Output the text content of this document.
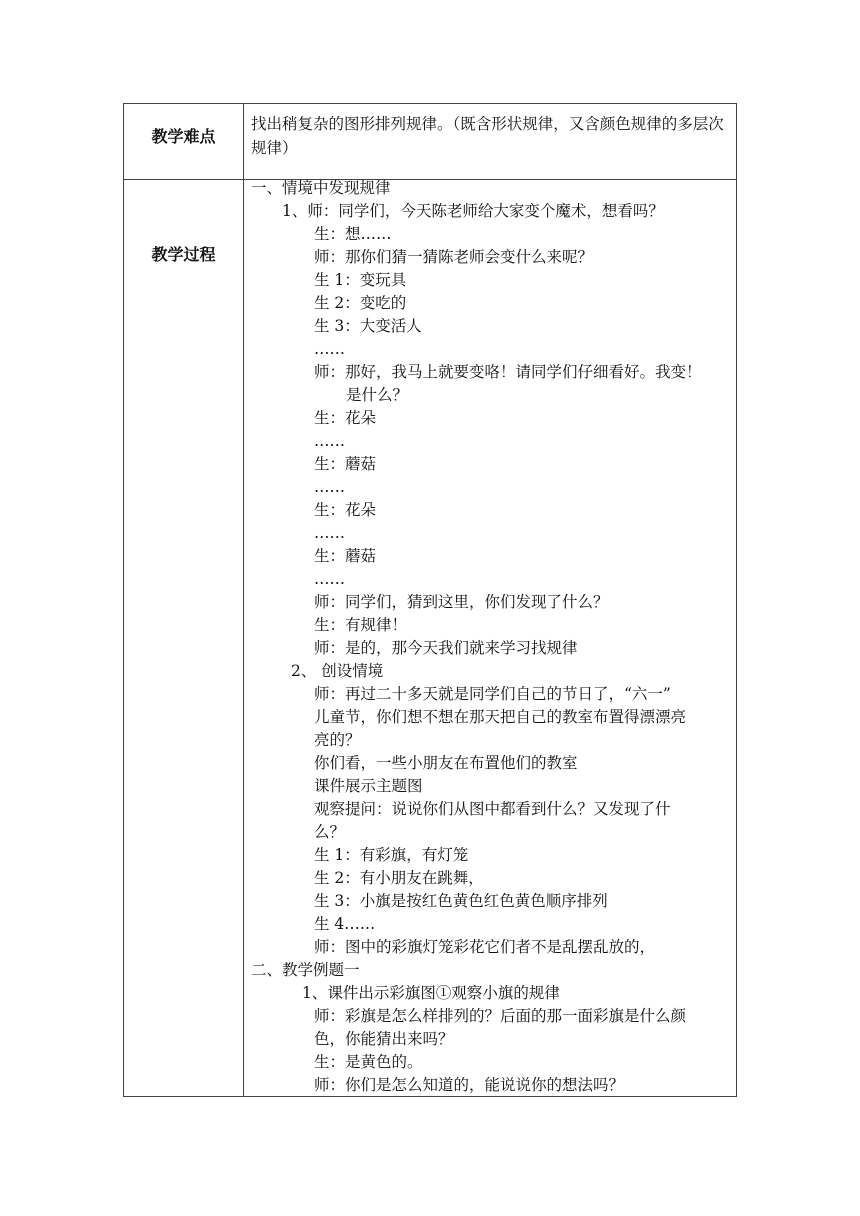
教学难点
找出稍复杂的图形排列规律。（既含形状规律，又含颜色规律的多层次规律）
教学过程
一、情境中发现规律
1、师：同学们，今天陈老师给大家变个魔术，想看吗？
生：想……
师：那你们猜一猜陈老师会变什么来呢？
生 1：变玩具
生 2：变吃的
生 3：大变活人
……
师：那好，我马上就要变咯！请同学们仔细看好。我变！
是什么？
生：花朵
……
生：蘑菇
……
生：花朵
……
生：蘑菇
……
师：同学们，猜到这里，你们发现了什么？
生：有规律！
师：是的，那今天我们就来学习找规律
2、 创设情境
师：再过二十多天就是同学们自己的节日了，“六一”
儿童节，你们想不想在那天把自己的教室布置得漂漂亮
亮的？
你们看，一些小朋友在布置他们的教室
课件展示主题图
观察提问：说说你们从图中都看到什么？又发现了什
么？
生 1：有彩旗，有灯笼
生 2：有小朋友在跳舞，
生 3：小旗是按红色黄色红色黄色顺序排列
生 4……
师：图中的彩旗灯笼彩花它们者不是乱摆乱放的，
二、教学例题一
1、课件出示彩旗图①观察小旗的规律
师：彩旗是怎么样排列的？后面的那一面彩旗是什么颜
色，你能猜出来吗？
生：是黄色的。
师：你们是怎么知道的，能说说你的想法吗？
